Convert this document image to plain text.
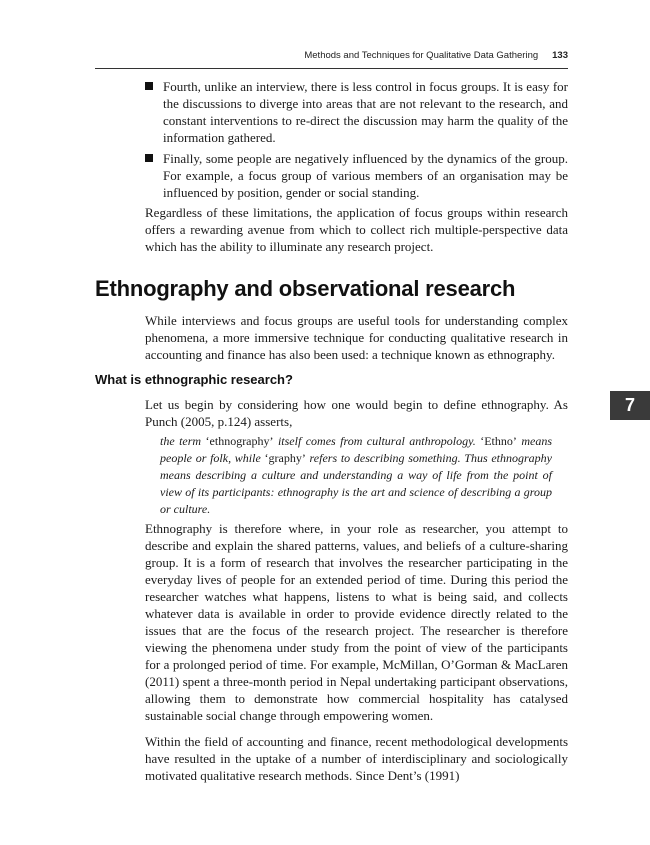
Methods and Techniques for Qualitative Data Gathering 133
Fourth, unlike an interview, there is less control in focus groups. It is easy for the discussions to diverge into areas that are not relevant to the research, and constant interventions to re-direct the discussion may harm the quality of the information gathered.
Finally, some people are negatively influenced by the dynamics of the group. For example, a focus group of various members of an organisation may be influenced by position, gender or social standing.

Regardless of these limitations, the application of focus groups within research offers a rewarding avenue from which to collect rich multiple-perspective data which has the ability to illuminate any research project.

Ethnography and observational research

While interviews and focus groups are useful tools for understanding complex phenomena, a more immersive technique for conducting qualitative research in accounting and finance has also been used: a technique known as ethnography.

What is ethnographic research?

Let us begin by considering how one would begin to define ethnography. As Punch (2005, p.124) asserts,

the term ‘ethnography’ itself comes from cultural anthropology. ‘Ethno’ means people or folk, while ‘graphy’ refers to describing something. Thus ethnography means describing a culture and understanding a way of life from the point of view of its participants: ethnography is the art and science of describing a group or culture.

Ethnography is therefore where, in your role as researcher, you attempt to describe and explain the shared patterns, values, and beliefs of a culture-sharing group. It is a form of research that involves the researcher participating in the everyday lives of people for an extended period of time. During this period the researcher watches what happens, listens to what is being said, and collects whatever data is available in order to provide evidence directly related to the issues that are the focus of the research project. The researcher is therefore viewing the phenomena under study from the point of view of the participants for a prolonged period of time. For example, McMillan, O’Gorman & MacLaren (2011) spent a three-month period in Nepal undertaking participant observations, allowing them to demonstrate how commercial hospitality has catalysed sustainable social change through empowering women.

Within the field of accounting and finance, recent methodological developments have resulted in the uptake of a number of interdisciplinary and sociologically motivated qualitative research methods. Since Dent’s (1991)

7
